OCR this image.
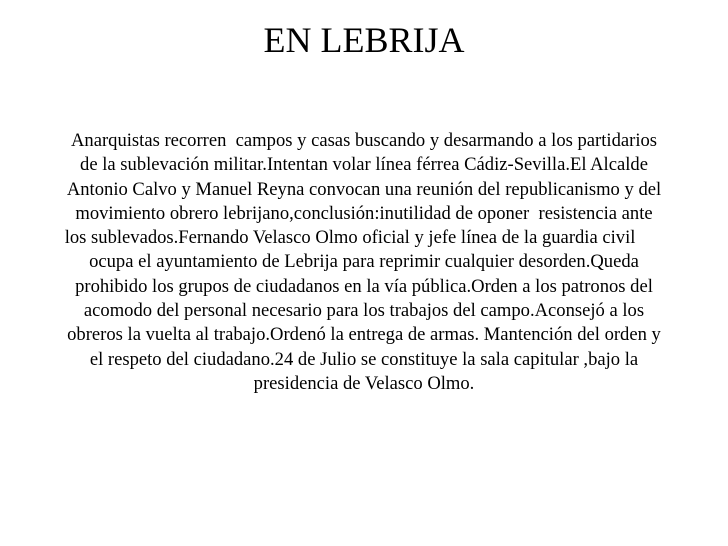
EN LEBRIJA
Anarquistas recorren  campos y casas buscando y desarmando a los partidarios
de la sublevación militar.Intentan volar línea férrea Cádiz-Sevilla.El Alcalde
Antonio Calvo y Manuel Reyna convocan una reunión del republicanismo y del
movimiento obrero lebrijano,conclusión:inutilidad de oponer  resistencia ante
los sublevados.Fernando Velasco Olmo oficial y jefe línea de la guardia civil
ocupa el ayuntamiento de Lebrija para reprimir cualquier desorden.Queda
prohibido los grupos de ciudadanos en la vía pública.Orden a los patronos del
acomodo del personal necesario para los trabajos del campo.Aconsejó a los
obreros la vuelta al trabajo.Ordenó la entrega de armas. Mantención del orden y
el respeto del ciudadano.24 de Julio se constituye la sala capitular ,bajo la
presidencia de Velasco Olmo.
